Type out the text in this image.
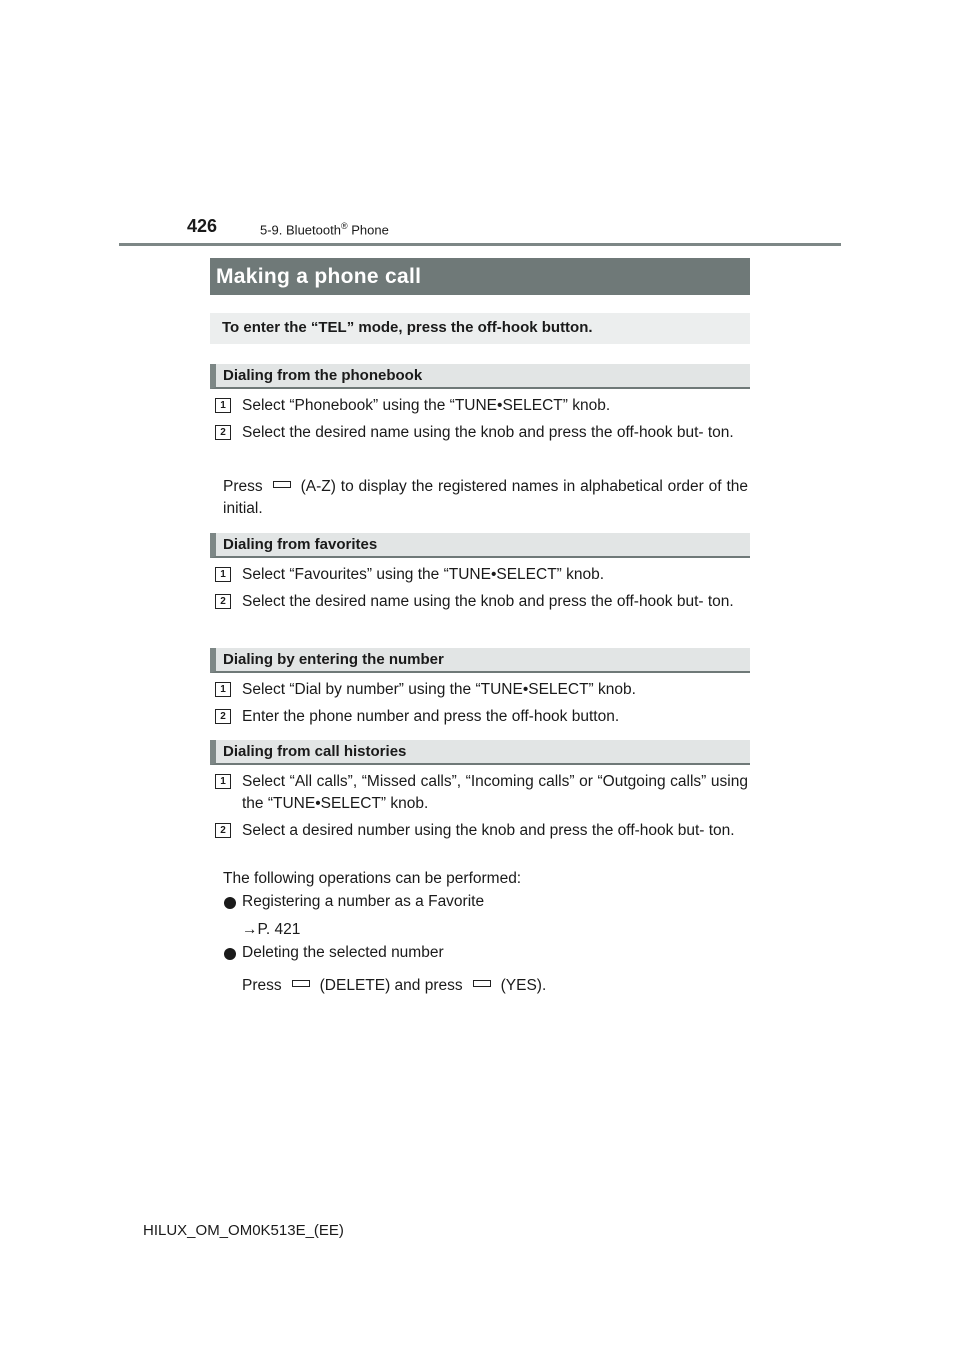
426	5-9. Bluetooth® Phone
Making a phone call
To enter the “TEL” mode, press the off-hook button.
Dialing from the phonebook
1	Select “Phonebook” using the “TUNE•SELECT” knob.
2	Select the desired name using the knob and press the off-hook but- ton.
Press (A-Z) to display the registered names in alphabetical order of the initial.
Dialing from favorites
1	Select “Favourites” using the “TUNE•SELECT” knob.
2	Select the desired name using the knob and press the off-hook but- ton.
Dialing by entering the number
1	Select “Dial by number” using the “TUNE•SELECT” knob.
2	Enter the phone number and press the off-hook button.
Dialing from call histories
1	Select “All calls”, “Missed calls”, “Incoming calls” or “Outgoing calls” using the “TUNE•SELECT” knob.
2	Select a desired number using the knob and press the off-hook but- ton.
The following operations can be performed:
Registering a number as a Favorite
→P. 421
Deleting the selected number
Press (DELETE) and press (YES).
HILUX_OM_OM0K513E_(EE)
